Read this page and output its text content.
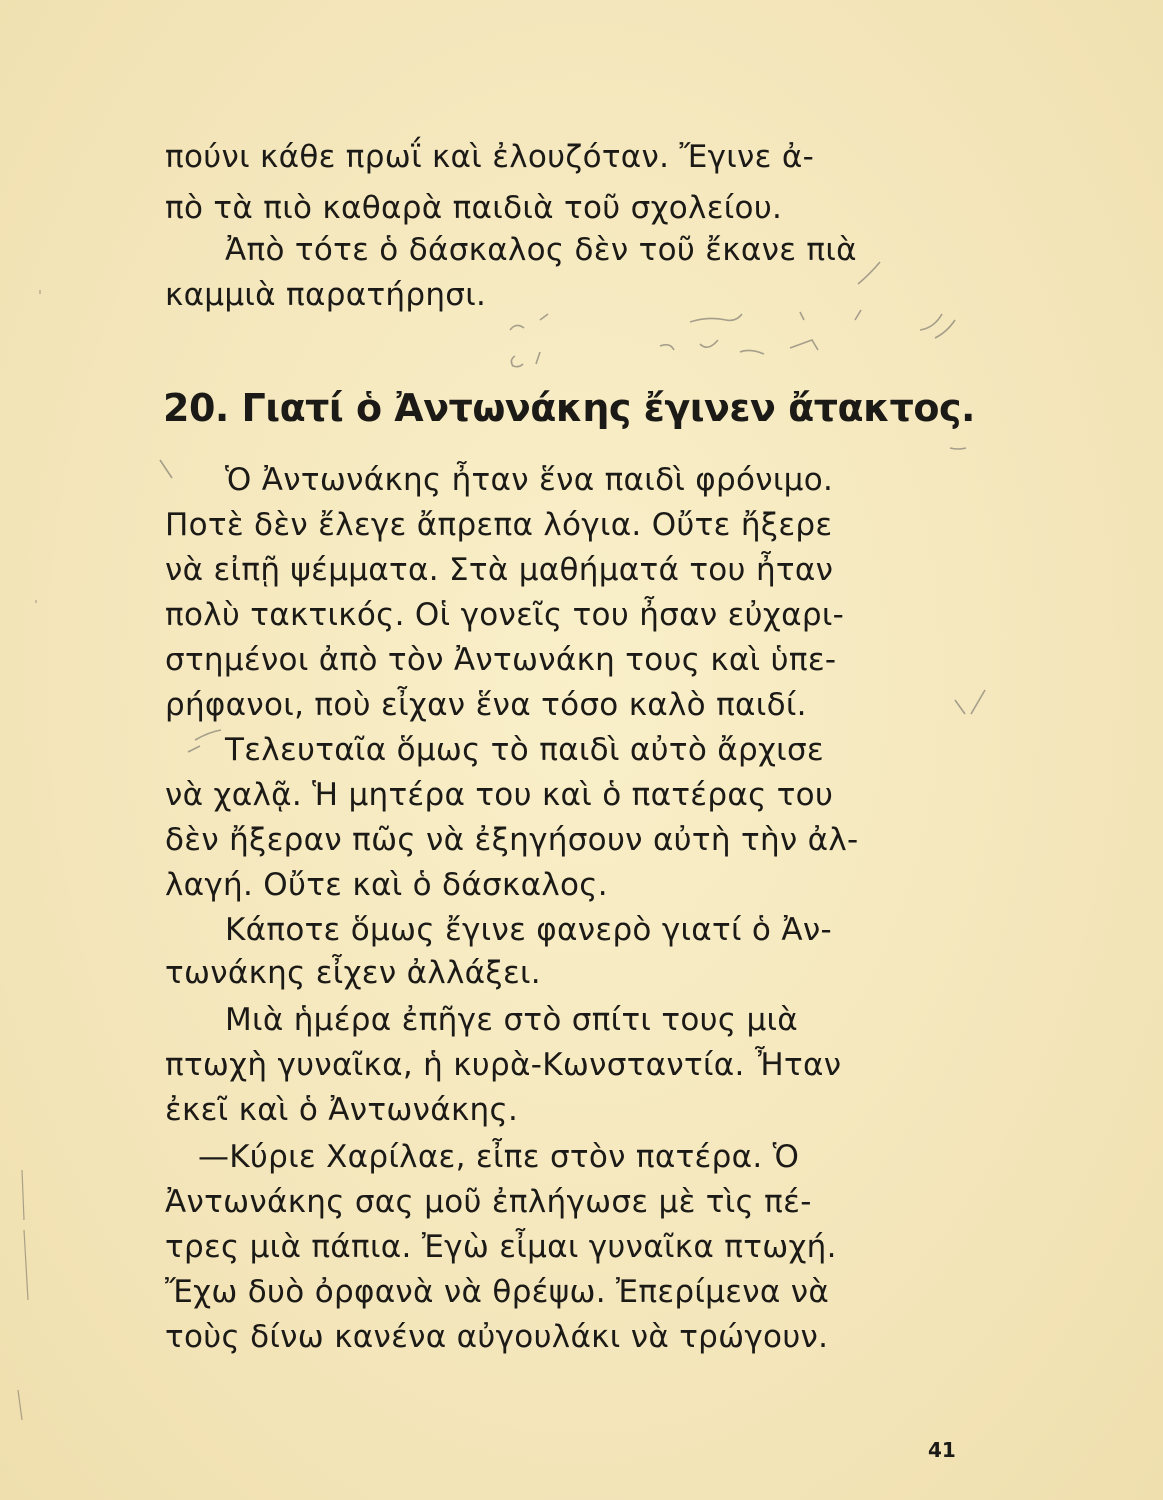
πούνι κάθε πρωΐ καὶ ἐλουζόταν. Ἔγινε ἀ-
πὸ τὰ πιὸ καθαρὰ παιδιὰ τοῦ σχολείου.
Ἀπὸ τότε ὁ δάσκαλος δὲν τοῦ ἔκανε πιὰ
καμμιὰ παρατήρησι.
20. Γιατί ὁ Ἀντωνάκης ἔγινεν ἄτακτος.
Ὁ Ἀντωνάκης ἦταν ἕνα παιδὶ φρόνιμο.
Ποτὲ δὲν ἔλεγε ἄπρεπα λόγια. Οὔτε ἤξερε
νὰ εἰπῇ ψέμματα. Στὰ μαθήματά του ἦταν
πολὺ τακτικός. Οἱ γονεῖς του ἦσαν εὐχαρι-
στημένοι ἀπὸ τὸν Ἀντωνάκη τους καὶ ὑπε-
ρήφανοι, ποὺ εἶχαν ἕνα τόσο καλὸ παιδί.
Τελευταῖα ὅμως τὸ παιδὶ αὐτὸ ἄρχισε
νὰ χαλᾷ. Ἡ μητέρα του καὶ ὁ πατέρας του
δὲν ἤξεραν πῶς νὰ ἐξηγήσουν αὐτὴ τὴν ἀλ-
λαγή. Οὔτε καὶ ὁ δάσκαλος.
Κάποτε ὅμως ἔγινε φανερὸ γιατί ὁ Ἀν-
τωνάκης εἶχεν ἀλλάξει.
Μιὰ ἡμέρα ἐπῆγε στὸ σπίτι τους μιὰ
πτωχὴ γυναῖκα, ἡ κυρὰ-Κωνσταντία. Ἦταν
ἐκεῖ καὶ ὁ Ἀντωνάκης.
—Κύριε Χαρίλαε, εἶπε στὸν πατέρα. Ὁ
Ἀντωνάκης σας μοῦ ἐπλήγωσε μὲ τὶς πέ-
τρες μιὰ πάπια. Ἐγὼ εἶμαι γυναῖκα πτωχή.
Ἔχω δυὸ ὀρφανὰ νὰ θρέψω. Ἐπερίμενα νὰ
τοὺς δίνω κανένα αὐγουλάκι νὰ τρώγουν.
41
